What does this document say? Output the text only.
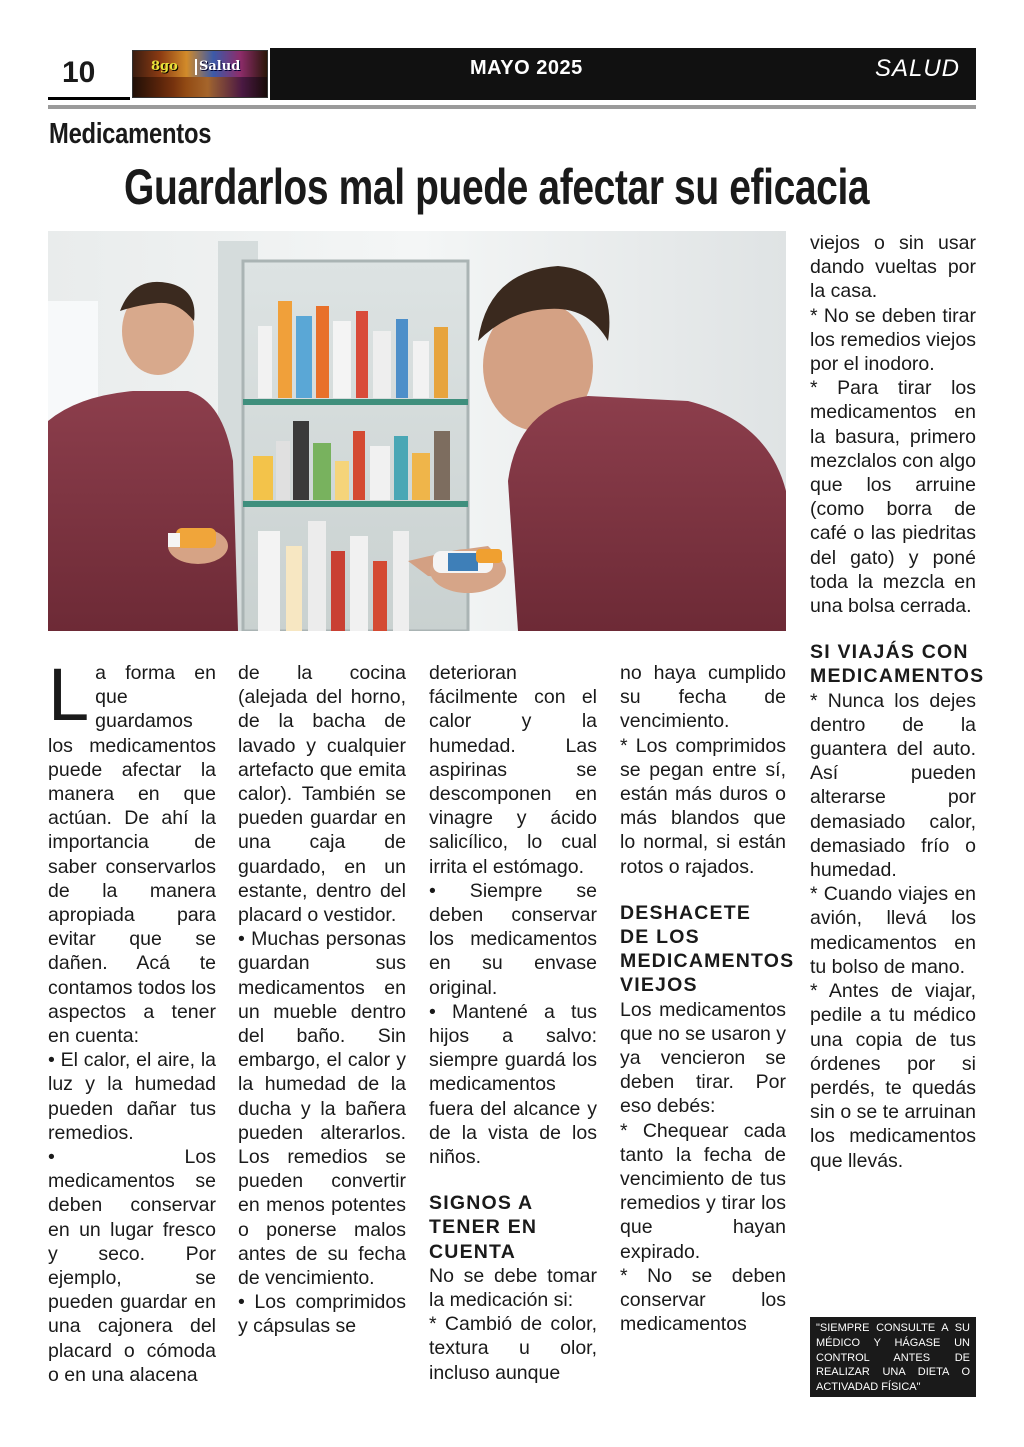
10	8go Salud	MAYO 2025	SALUD
Medicamentos
Guardarlos mal puede afectar su eficacia
L a forma en que guardamos los medicamentos puede afectar la manera en que actúan. De ahí la importancia de saber conservarlos de la manera apropiada para evitar que se dañen. Acá te contamos todos los aspectos a tener en cuenta:

• El calor, el aire, la luz y la humedad pueden dañar tus remedios.

• Los medicamentos se deben conservar en un lugar fresco y seco. Por ejemplo, se pueden guardar en una cajonera del placard o cómoda o en una alacena

de la cocina (alejada del horno, de la bacha de lavado y cualquier artefacto que emita calor). También se pueden guardar en una caja de guardado, en un estante, dentro del placard o vestidor.

• Muchas personas guardan sus medicamentos en un mueble dentro del baño. Sin embargo, el calor y la humedad de la ducha y la bañera pueden alterarlos. Los remedios se pueden convertir en menos potentes o ponerse malos antes de su fecha de vencimiento.

• Los comprimidos y cápsulas se

deterioran fácilmente con el calor y la humedad. Las aspirinas se descomponen en vinagre y ácido salicílico, lo cual irrita el estómago.

• Siempre se deben conservar los medicamentos en su envase original.

• Mantené a tus hijos a salvo: siempre guardá los medicamentos fuera del alcance y de la vista de los niños.

SIGNOS A TENER EN CUENTA

No se debe tomar la medicación si:

* Cambió de color, textura u olor, incluso aunque

no haya cumplido su fecha de vencimiento.

* Los comprimidos se pegan entre sí, están más duros o más blandos que lo normal, si están rotos o rajados.

DESHACETE DE LOS MEDICAMENTOS VIEJOS

Los medicamentos que no se usaron y ya vencieron se deben tirar. Por eso debés:

* Chequear cada tanto la fecha de vencimiento de tus remedios y tirar los que hayan expirado.

* No se deben conservar los medicamentos

viejos o sin usar dando vueltas por la casa.

* No se deben tirar los remedios viejos por el inodoro.

* Para tirar los medicamentos en la basura, primero mezclalos con algo que los arruine (como borra de café o las piedritas del gato) y poné toda la mezcla en una bolsa cerrada.

SI VIAJÁS CON MEDICAMENTOS

* Nunca los dejes dentro de la guantera del auto. Así pueden alterarse por demasiado calor, demasiado frío o humedad.

* Cuando viajes en avión, llevá los medicamentos en tu bolso de mano.

* Antes de viajar, pedile a tu médico una copia de tus órdenes por si perdés, te quedás sin o se te arruinan los medicamentos que llevás.

"SIEMPRE CONSULTE A SU MÉDICO Y HÁGASE UN CONTROL ANTES DE REALIZAR UNA DIETA O ACTIVADAD FÍSICA"
